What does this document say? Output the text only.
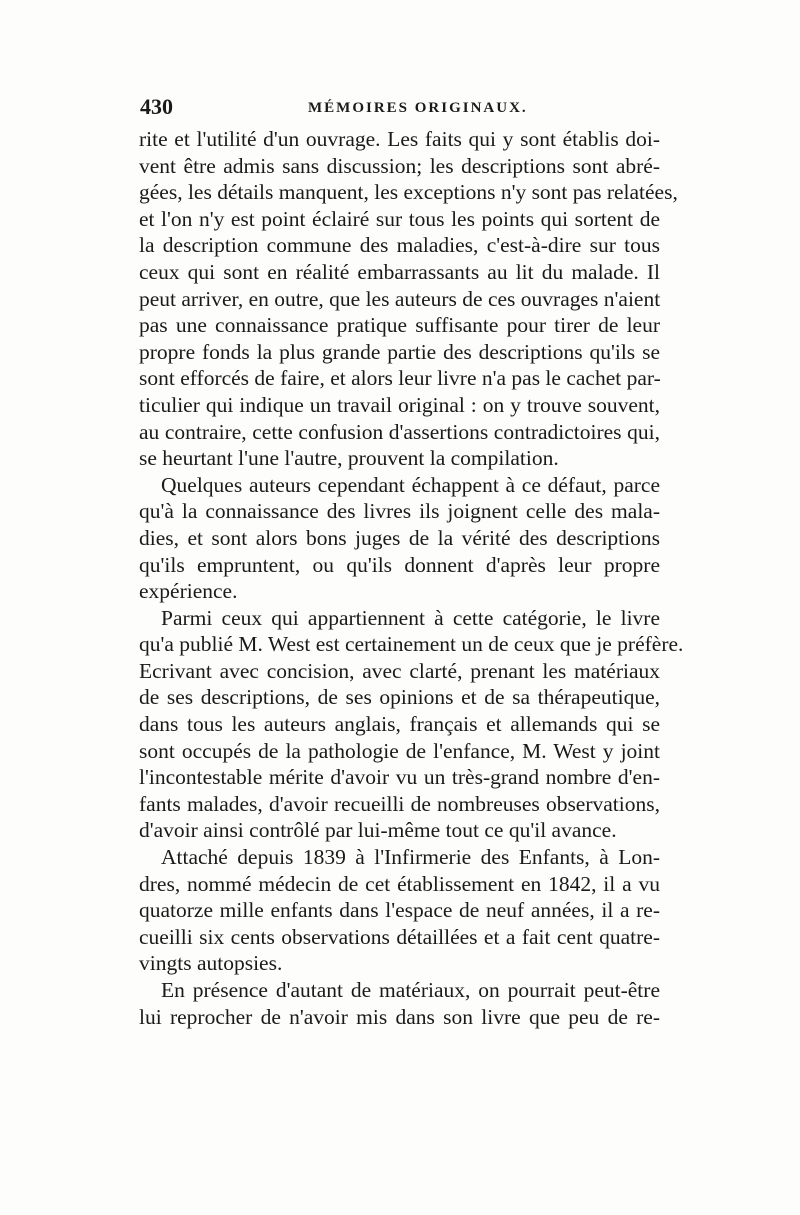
430	MÉMOIRES ORIGINAUX.
rite et l'utilité d'un ouvrage. Les faits qui y sont établis doi-
vent être admis sans discussion; les descriptions sont abré-
gées, les détails manquent, les exceptions n'y sont pas relatées,
et l'on n'y est point éclairé sur tous les points qui sortent de
la description commune des maladies, c'est-à-dire sur tous
ceux qui sont en réalité embarrassants au lit du malade. Il
peut arriver, en outre, que les auteurs de ces ouvrages n'aient
pas une connaissance pratique suffisante pour tirer de leur
propre fonds la plus grande partie des descriptions qu'ils se
sont efforcés de faire, et alors leur livre n'a pas le cachet par-
ticulier qui indique un travail original : on y trouve souvent,
au contraire, cette confusion d'assertions contradictoires qui,
se heurtant l'une l'autre, prouvent la compilation.
Quelques auteurs cependant échappent à ce défaut, parce
qu'à la connaissance des livres ils joignent celle des mala-
dies, et sont alors bons juges de la vérité des descriptions
qu'ils empruntent, ou qu'ils donnent d'après leur propre
expérience.
Parmi ceux qui appartiennent à cette catégorie, le livre
qu'a publié M. West est certainement un de ceux que je préfère.
Ecrivant avec concision, avec clarté, prenant les matériaux
de ses descriptions, de ses opinions et de sa thérapeutique,
dans tous les auteurs anglais, français et allemands qui se
sont occupés de la pathologie de l'enfance, M. West y joint
l'incontestable mérite d'avoir vu un très-grand nombre d'en-
fants malades, d'avoir recueilli de nombreuses observations,
d'avoir ainsi contrôlé par lui-même tout ce qu'il avance.
Attaché depuis 1839 à l'Infirmerie des Enfants, à Lon-
dres, nommé médecin de cet établissement en 1842, il a vu
quatorze mille enfants dans l'espace de neuf années, il a re-
cueilli six cents observations détaillées et a fait cent quatre-
vingts autopsies.
En présence d'autant de matériaux, on pourrait peut-être
lui reprocher de n'avoir mis dans son livre que peu de re-
